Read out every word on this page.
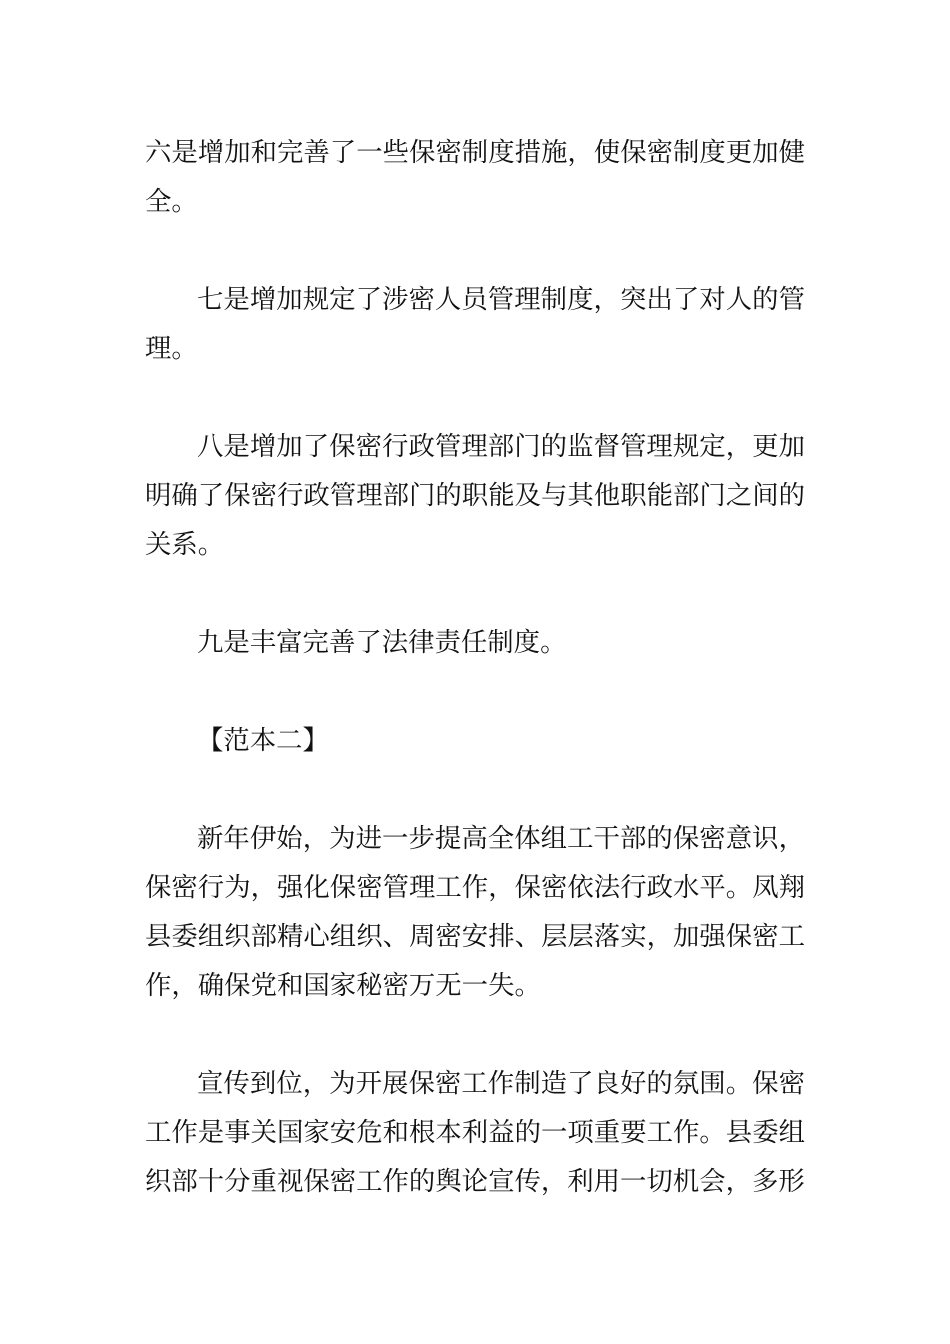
六是增加和完善了一些保密制度措施，使保密制度更加健全。

七是增加规定了涉密人员管理制度，突出了对人的管理。

八是增加了保密行政管理部门的监督管理规定，更加明确了保密行政管理部门的职能及与其他职能部门之间的关系。

九是丰富完善了法律责任制度。

【范本二】

新年伊始，为进一步提高全体组工干部的保密意识，保密行为，强化保密管理工作，保密依法行政水平。凤翔县委组织部精心组织、周密安排、层层落实，加强保密工作，确保党和国家秘密万无一失。

宣传到位，为开展保密工作制造了良好的氛围。保密工作是事关国家安危和根本利益的一项重要工作。县委组织部十分重视保密工作的舆论宣传，利用一切机会，多形
